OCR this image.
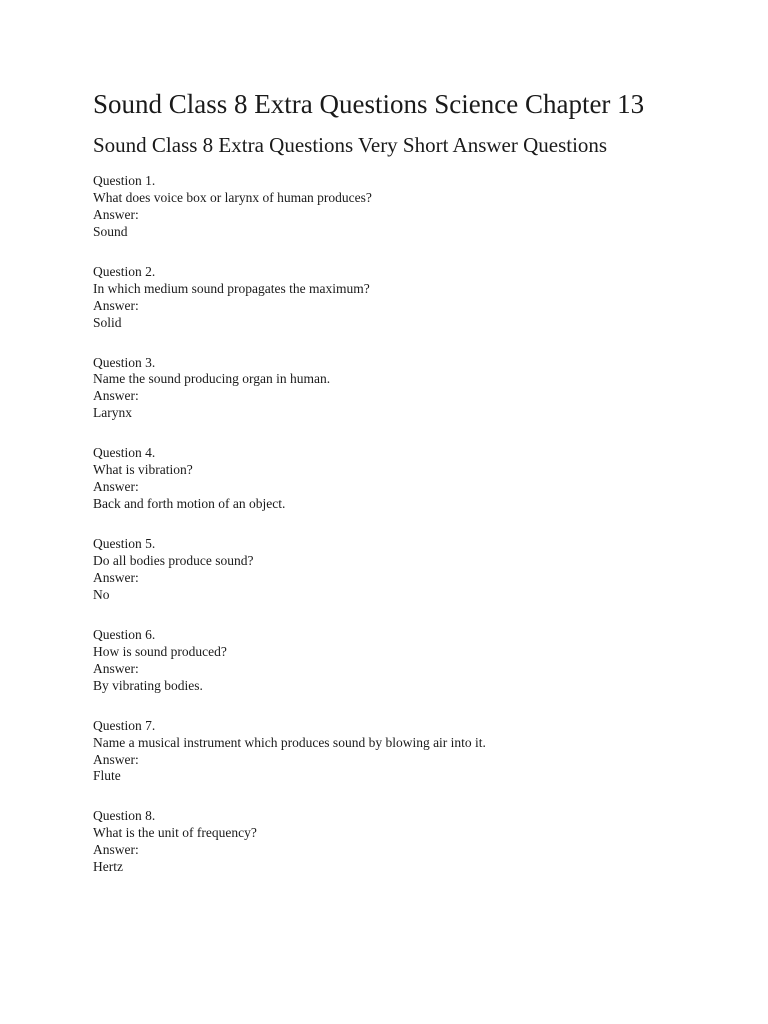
Sound Class 8 Extra Questions Science Chapter 13
Sound Class 8 Extra Questions Very Short Answer Questions
Question 1.
What does voice box or larynx of human produces?
Answer:
Sound
Question 2.
In which medium sound propagates the maximum?
Answer:
Solid
Question 3.
Name the sound producing organ in human.
Answer:
Larynx
Question 4.
What is vibration?
Answer:
Back and forth motion of an object.
Question 5.
Do all bodies produce sound?
Answer:
No
Question 6.
How is sound produced?
Answer:
By vibrating bodies.
Question 7.
Name a musical instrument which produces sound by blowing air into it.
Answer:
Flute
Question 8.
What is the unit of frequency?
Answer:
Hertz
